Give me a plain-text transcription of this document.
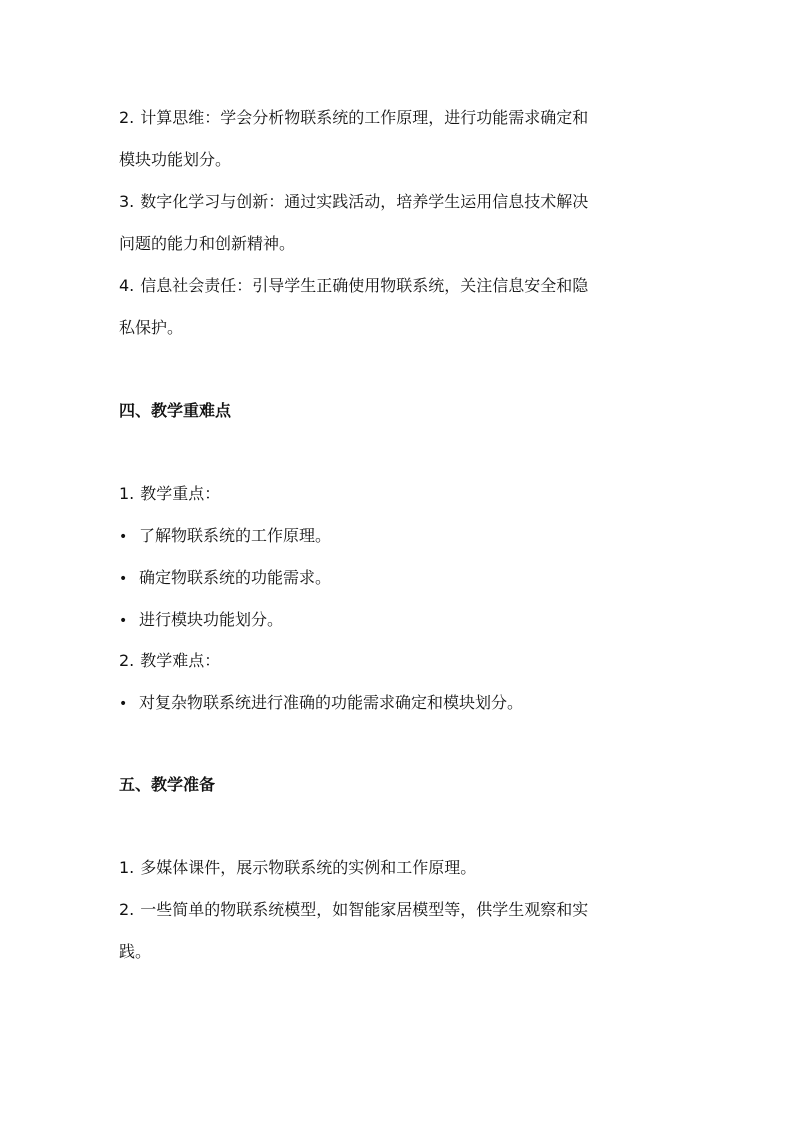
2. 计算思维：学会分析物联系统的工作原理，进行功能需求确定和
模块功能划分。
3. 数字化学习与创新：通过实践活动，培养学生运用信息技术解决
问题的能力和创新精神。
4. 信息社会责任：引导学生正确使用物联系统，关注信息安全和隐
私保护。
四、教学重难点
1. 教学重点：
• 了解物联系统的工作原理。
• 确定物联系统的功能需求。
• 进行模块功能划分。
2. 教学难点：
• 对复杂物联系统进行准确的功能需求确定和模块划分。
五、教学准备
1. 多媒体课件，展示物联系统的实例和工作原理。
2. 一些简单的物联系统模型，如智能家居模型等，供学生观察和实
践。
